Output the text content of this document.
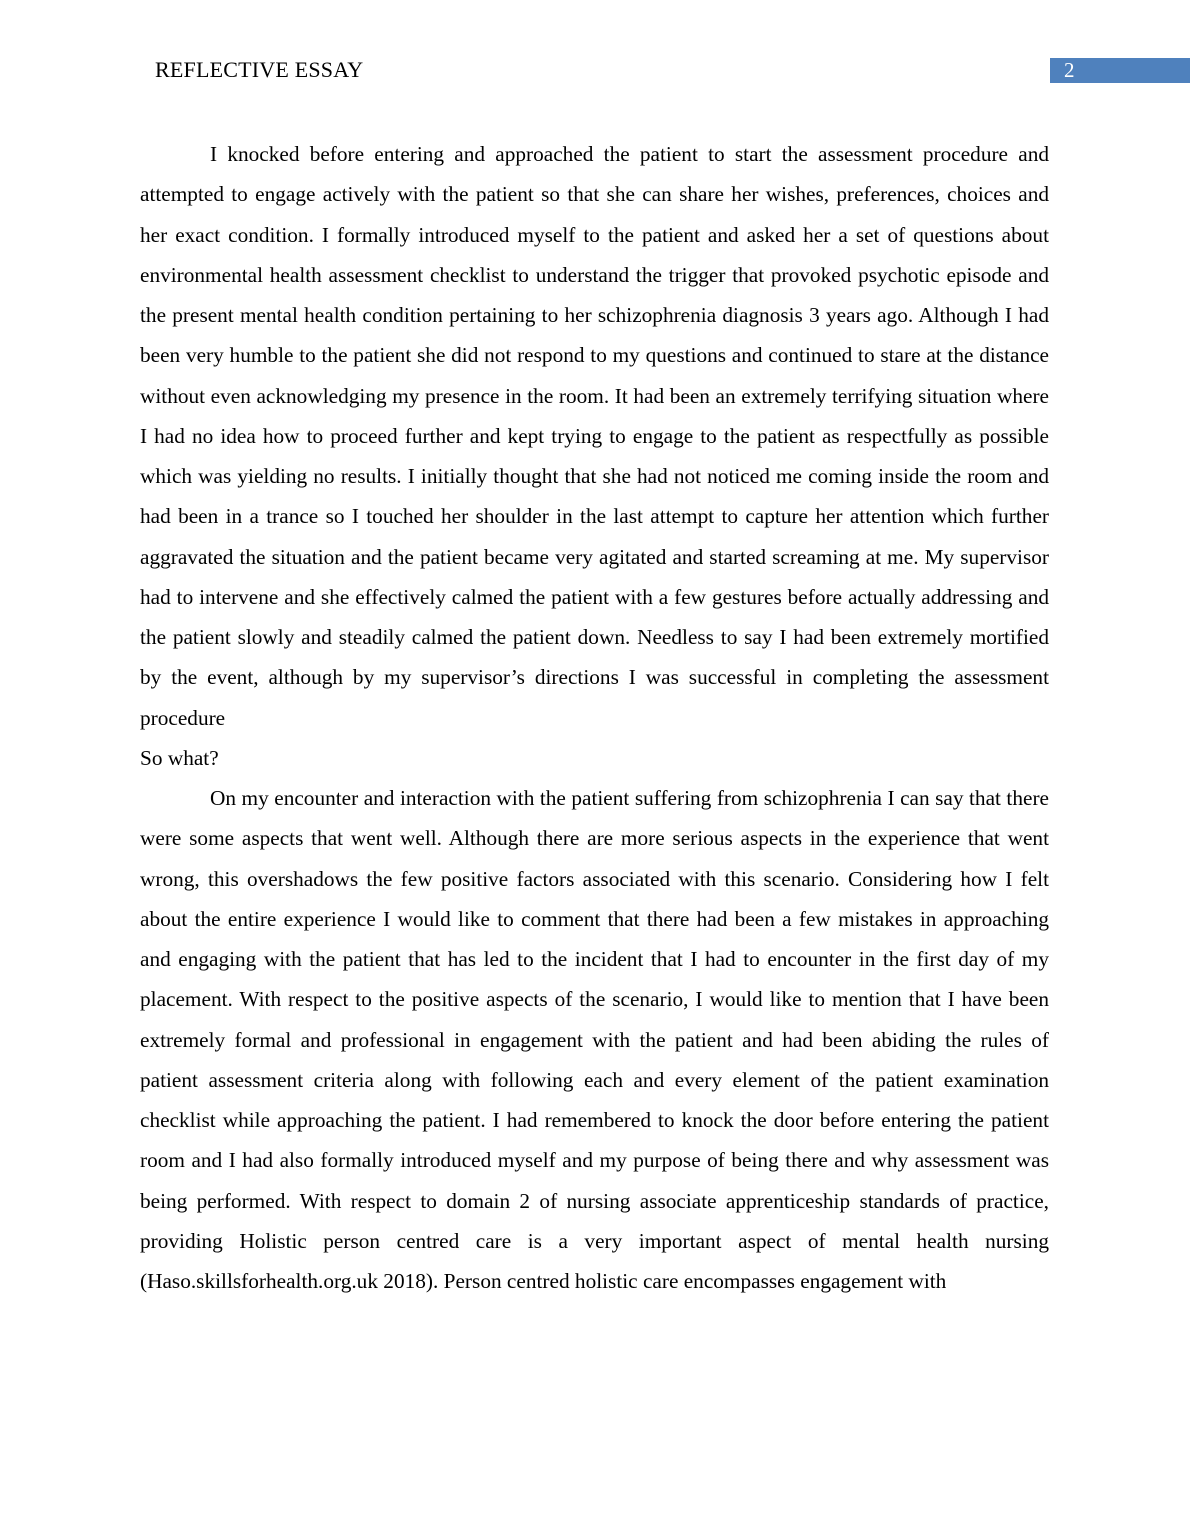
REFLECTIVE ESSAY	2

I knocked before entering and approached the patient to start the assessment procedure and attempted to engage actively with the patient so that she can share her wishes, preferences, choices and her exact condition. I formally introduced myself to the patient and asked her a set of questions about environmental health assessment checklist to understand the trigger that provoked psychotic episode and the present mental health condition pertaining to her schizophrenia diagnosis 3 years ago. Although I had been very humble to the patient she did not respond to my questions and continued to stare at the distance without even acknowledging my presence in the room. It had been an extremely terrifying situation where I had no idea how to proceed further and kept trying to engage to the patient as respectfully as possible which was yielding no results. I initially thought that she had not noticed me coming inside the room and had been in a trance so I touched her shoulder in the last attempt to capture her attention which further aggravated the situation and the patient became very agitated and started screaming at me. My supervisor had to intervene and she effectively calmed the patient with a few gestures before actually addressing and the patient slowly and steadily calmed the patient down. Needless to say I had been extremely mortified by the event, although by my supervisor’s directions I was successful in completing the assessment procedure

So what?

On my encounter and interaction with the patient suffering from schizophrenia I can say that there were some aspects that went well. Although there are more serious aspects in the experience that went wrong, this overshadows the few positive factors associated with this scenario. Considering how I felt about the entire experience I would like to comment that there had been a few mistakes in approaching and engaging with the patient that has led to the incident that I had to encounter in the first day of my placement. With respect to the positive aspects of the scenario, I would like to mention that I have been extremely formal and professional in engagement with the patient and had been abiding the rules of patient assessment criteria along with following each and every element of the patient examination checklist while approaching the patient. I had remembered to knock the door before entering the patient room and I had also formally introduced myself and my purpose of being there and why assessment was being performed. With respect to domain 2 of nursing associate apprenticeship standards of practice, providing Holistic person centred care is a very important aspect of mental health nursing (Haso.skillsforhealth.org.uk 2018). Person centred holistic care encompasses engagement with
